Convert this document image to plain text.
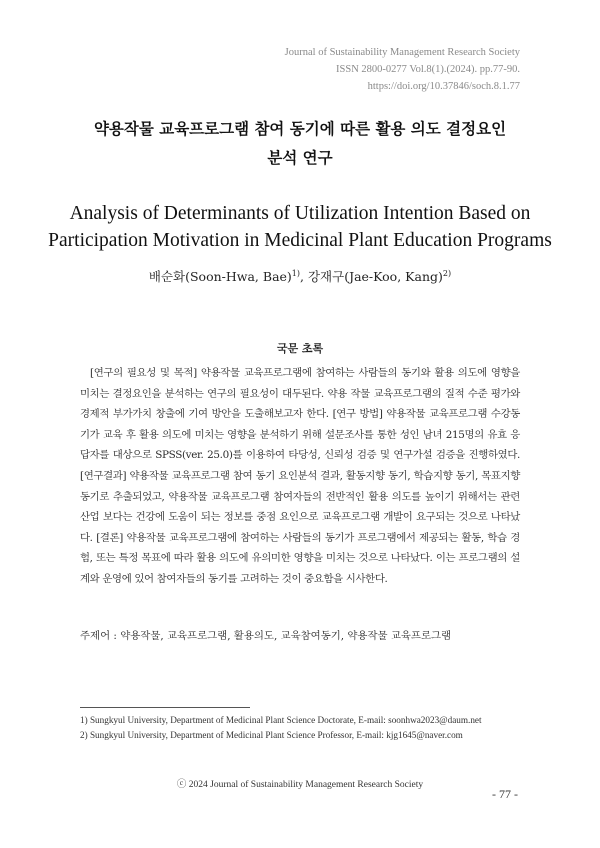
Journal of Sustainability Management Research Society
ISSN 2800-0277 Vol.8(1).(2024). pp.77-90.
https://doi.org/10.37846/soch.8.1.77
약용작물 교육프로그램 참여 동기에 따른 활용 의도 결정요인
분석 연구
Analysis of Determinants of Utilization Intention Based on
Participation Motivation in Medicinal Plant Education Programs
배순화(Soon-Hwa, Bae)$^{1)}$, 강재구(Jae-Koo, Kang)$^{2)}$
국문 초록

[연구의 필요성 및 목적] 약용작물 교육프로그램에 참여하는 사람들의 동기와 활용 의도에 영향을 미치는 결정요인을 분석하는 연구의 필요성이 대두된다. 약용 작물 교육프로그램의 질적 수준 평가와 경제적 부가가치 창출에 기여 방안을 도출해보고자 한다. [연구 방법] 약용작물 교육프로그램 수강동기가 교육 후 활용 의도에 미치는 영향을 분석하기 위해 설문조사를 통한 성인 남녀 215명의 유효 응답자를 대상으로 SPSS(ver. 25.0)를 이용하여 타당성, 신뢰성 검증 및 연구가설 검증을 진행하였다. [연구결과] 약용작물 교육프로그램 참여 동기 요인분석 결과, 활동지향 동기, 학습지향 동기, 목표지향 동기로 추출되었고, 약용작물 교육프로그램 참여자들의 전반적인 활용 의도를 높이기 위해서는 관련 산업 보다는 건강에 도움이 되는 정보를 중점 요인으로 교육프로그램 개발이 요구되는 것으로 나타났다. [결론] 약용작물 교육프로그램에 참여하는 사람들의 동기가 프로그램에서 제공되는 활동, 학습 경험, 또는 특정 목표에 따라 활용 의도에 유의미한 영향을 미치는 것으로 나타났다. 이는 프로그램의 설계와 운영에 있어 참여자들의 동기를 고려하는 것이 중요함을 시사한다.

주제어 : 약용작물, 교육프로그램, 활용의도, 교육참여동기, 약용작물 교육프로그램
1) Sungkyul University, Department of Medicinal Plant Science Doctorate, E-mail: soonhwa2023@daum.net
2) Sungkyul University, Department of Medicinal Plant Science Professor, E-mail: kjg1645@naver.com
ⓒ 2024 Journal of Sustainability Management Research Society
- 77 -
